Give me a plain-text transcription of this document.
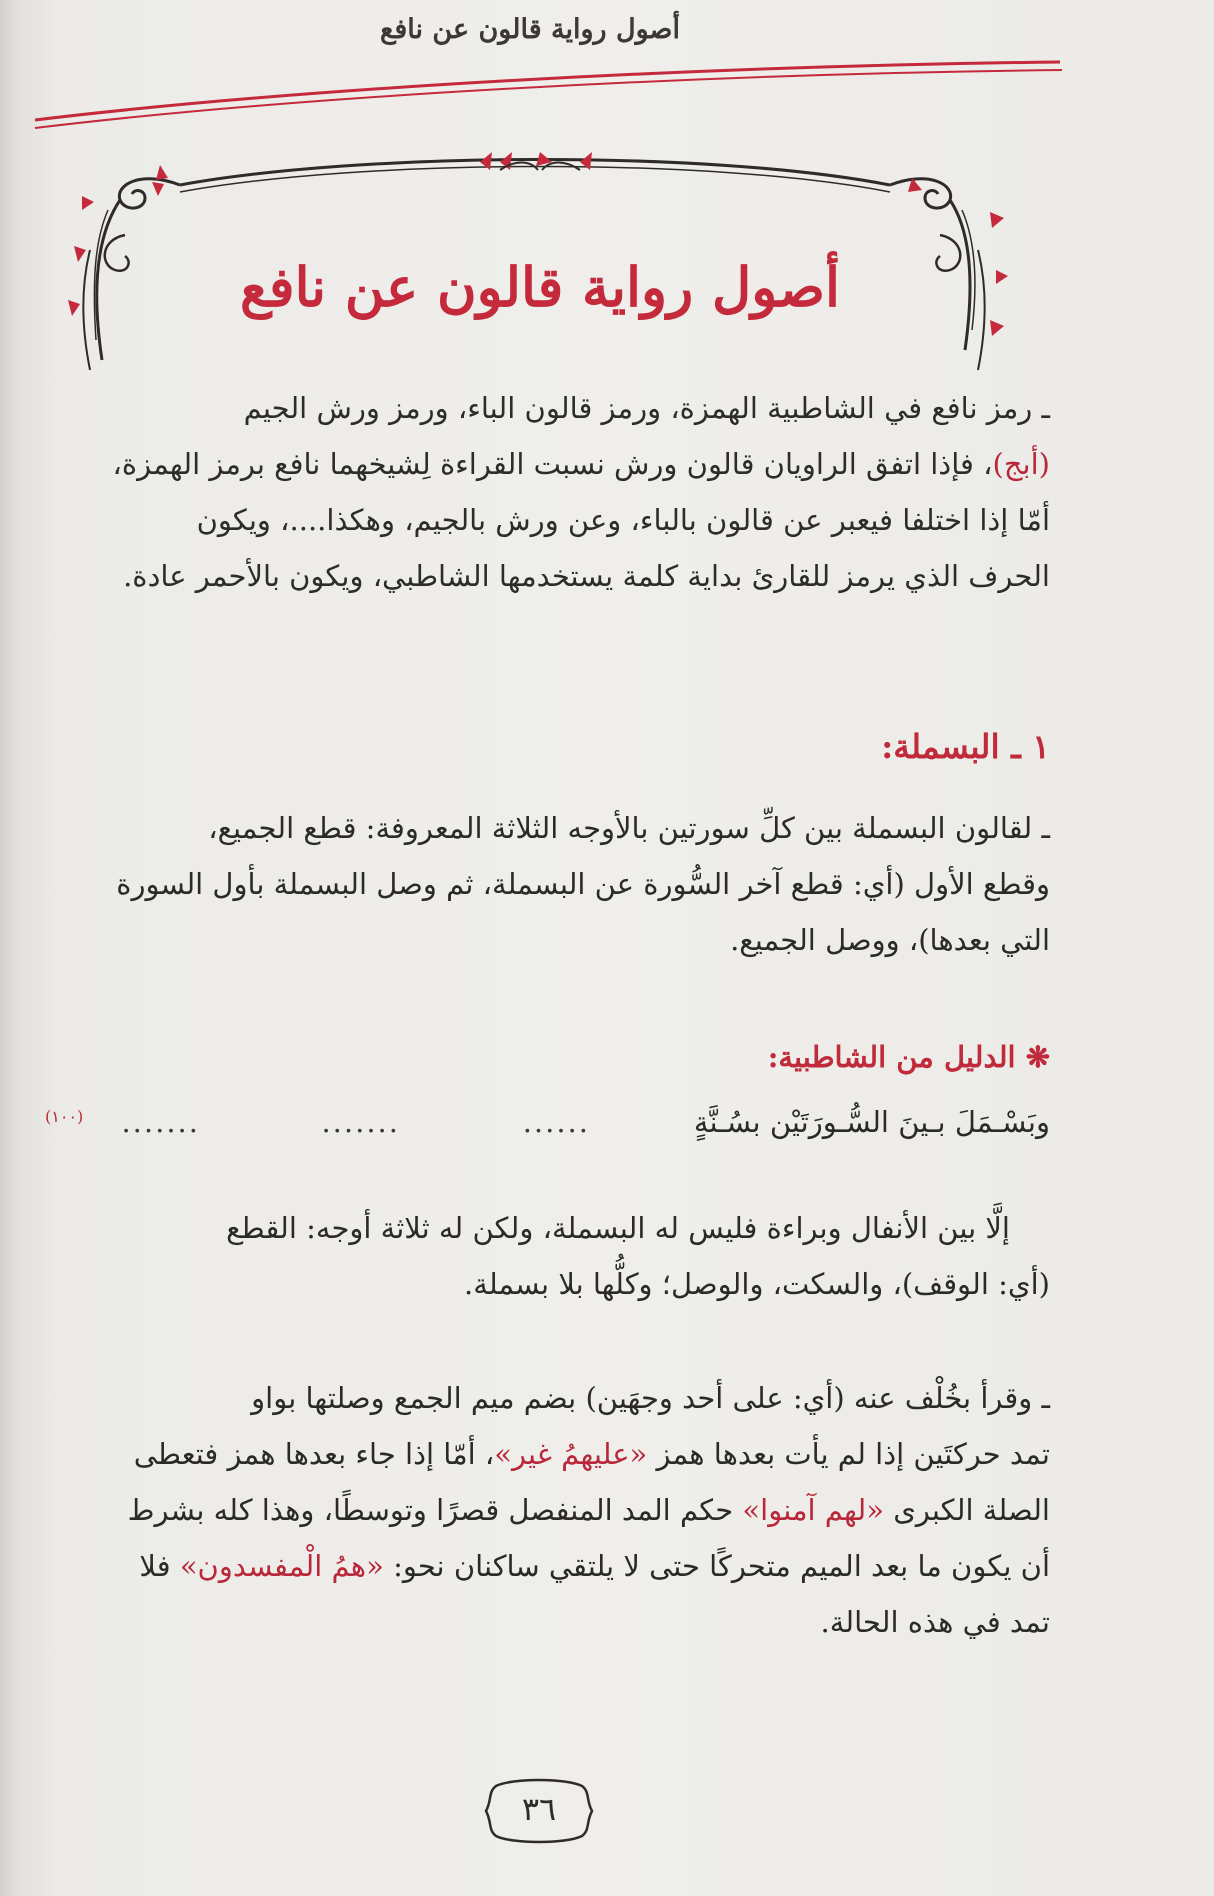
أصول رواية قالون عن نافع
أصول رواية قالون عن نافع

ـ رمز نافع في الشاطبية الهمزة، ورمز قالون الباء، ورمز ورش الجيم

(أبج)، فإذا اتفق الراويان قالون ورش نسبت القراءة لِشيخهما نافع برمز الهمزة،

أمّا إذا اختلفا فيعبر عن قالون بالباء، وعن ورش بالجيم، وهكذا....، ويكون

الحرف الذي يرمز للقارئ بداية كلمة يستخدمها الشاطبي، ويكون بالأحمر عادة.

١ ـ البسملة:

ـ لقالون البسملة بين كلِّ سورتين بالأوجه الثلاثة المعروفة: قطع الجميع،

وقطع الأول (أي: قطع آخر السُّورة عن البسملة، ثم وصل البسملة بأول السورة

التي بعدها)، ووصل الجميع.

❋ الدليل من الشاطبية:
وبَسْـمَلَ بـينَ السُّـورَتَيْن بسُـنَّةٍ
......
.......
.......
(١٠٠)

إلَّا بين الأنفال وبراءة فليس له البسملة، ولكن له ثلاثة أوجه: القطع

(أي: الوقف)، والسكت، والوصل؛ وكلُّها بلا بسملة.

ـ وقرأ بخُلْف عنه (أي: على أحد وجهَين) بضم ميم الجمع وصلتها بواو

تمد حركتَين إذا لم يأت بعدها همز «عليهمُ غير»، أمّا إذا جاء بعدها همز فتعطى

الصلة الكبرى «لهم آمنوا» حكم المد المنفصل قصرًا وتوسطًا، وهذا كله بشرط

أن يكون ما بعد الميم متحركًا حتى لا يلتقي ساكنان نحو: «همُ الْمفسدون» فلا

تمد في هذه الحالة.

٣٦
